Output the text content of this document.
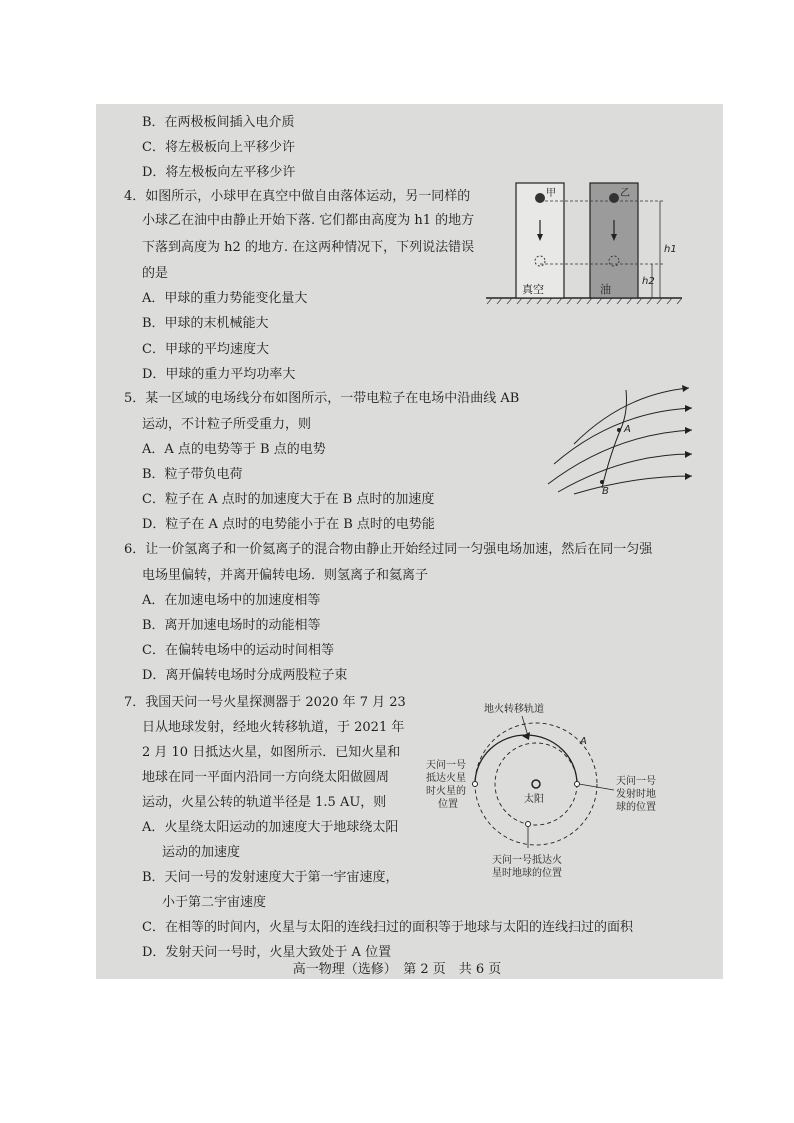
B．在两极板间插入电介质
C．将左极板向上平移少许
D．将左极板向左平移少许
4．如图所示，小球甲在真空中做自由落体运动，另一同样的
小球乙在油中由静止开始下落. 它们都由高度为 h1 的地方
下落到高度为 h2 的地方. 在这两种情况下，下列说法错误
的是
A．甲球的重力势能变化量大
B．甲球的末机械能大
C．甲球的平均速度大
D．甲球的重力平均功率大
5．某一区域的电场线分布如图所示，一带电粒子在电场中沿曲线 AB
运动，不计粒子所受重力，则
A．A 点的电势等于 B 点的电势
B．粒子带负电荷
C．粒子在 A 点时的加速度大于在 B 点时的加速度
D．粒子在 A 点时的电势能小于在 B 点时的电势能
6．让一价氢离子和一价氦离子的混合物由静止开始经过同一匀强电场加速，然后在同一匀强
电场里偏转，并离开偏转电场．则氢离子和氦离子
A．在加速电场中的加速度相等
B．离开加速电场时的动能相等
C．在偏转电场中的运动时间相等
D．离开偏转电场时分成两股粒子束
7．我国天问一号火星探测器于 2020 年 7 月 23
日从地球发射，经地火转移轨道，于 2021 年
2 月 10 日抵达火星，如图所示．已知火星和
地球在同一平面内沿同一方向绕太阳做圆周
运动，火星公转的轨道半径是 1.5 AU，则
A．火星绕太阳运动的加速度大于地球绕太阳
运动的加速度
B．天问一号的发射速度大于第一宇宙速度，
小于第二宇宙速度
C．在相等的时间内，火星与太阳的连线扫过的面积等于地球与太阳的连线扫过的面积
D．发射天问一号时，火星大致处于 A 位置
甲	乙
h1
h2
真空	油
A
B
地火转移轨道
太阳
A
天问一号
抵达火星
时火星的
位置
天问一号
发射时地
球的位置
天问一号抵达火
星时地球的位置
高一物理（选修）　第 2 页　共 6 页
